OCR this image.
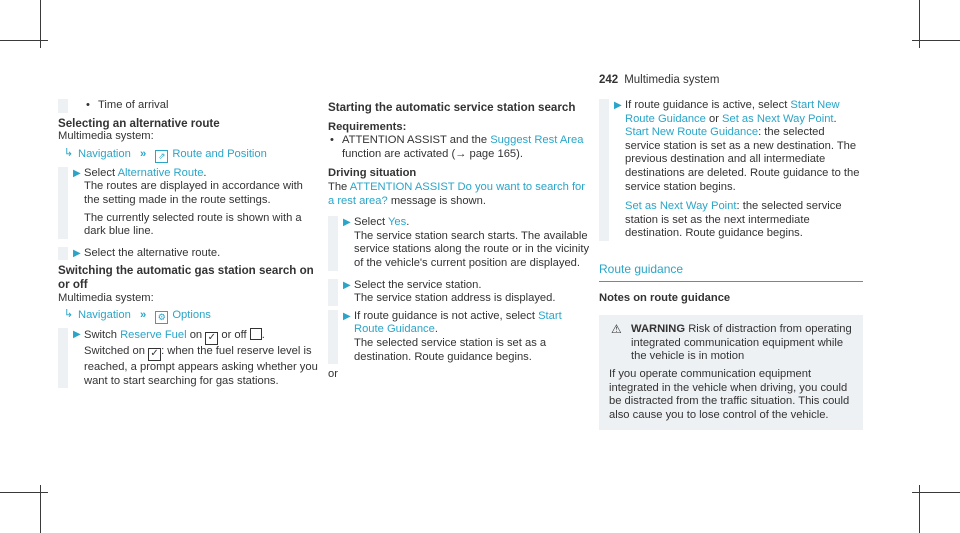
242 Multimedia system
• Time of arrival
Selecting an alternative route
Multimedia system:
↳ Navigation » ⇗ Route and Position
▶ Select Alternative Route.
The routes are displayed in accordance with the setting made in the route settings.
The currently selected route is shown with a dark blue line.
▶ Select the alternative route.
Switching the automatic gas station search on or off
Multimedia system:
↳ Navigation » ⚙ Options
▶ Switch Reserve Fuel on ✓ or off .
Switched on ✓ : when the fuel reserve level is reached, a prompt appears asking whether you want to start searching for gas stations.
Starting the automatic service station search
Requirements:
• ATTENTION ASSIST and the Suggest Rest Area function are activated (→ page 165).
Driving situation
The ATTENTION ASSIST Do you want to search for a rest area? message is shown.
▶ Select Yes.
The service station search starts. The available service stations along the route or in the vicinity of the vehicle's current position are displayed.
▶ Select the service station.
The service station address is displayed.
▶ If route guidance is not active, select Start Route Guidance.
The selected service station is set as a destination. Route guidance begins.
or
▶ If route guidance is active, select Start New Route Guidance or Set as Next Way Point.
Start New Route Guidance: the selected service station is set as a new destination. The previous destination and all intermediate destinations are deleted. Route guidance to the service station begins.
Set as Next Way Point: the selected service station is set as the next intermediate destination. Route guidance begins.
Route guidance
Notes on route guidance
⚠ WARNING Risk of distraction from operating integrated communication equipment while the vehicle is in motion
If you operate communication equipment integrated in the vehicle when driving, you could be distracted from the traffic situation. This could also cause you to lose control of the vehicle.
